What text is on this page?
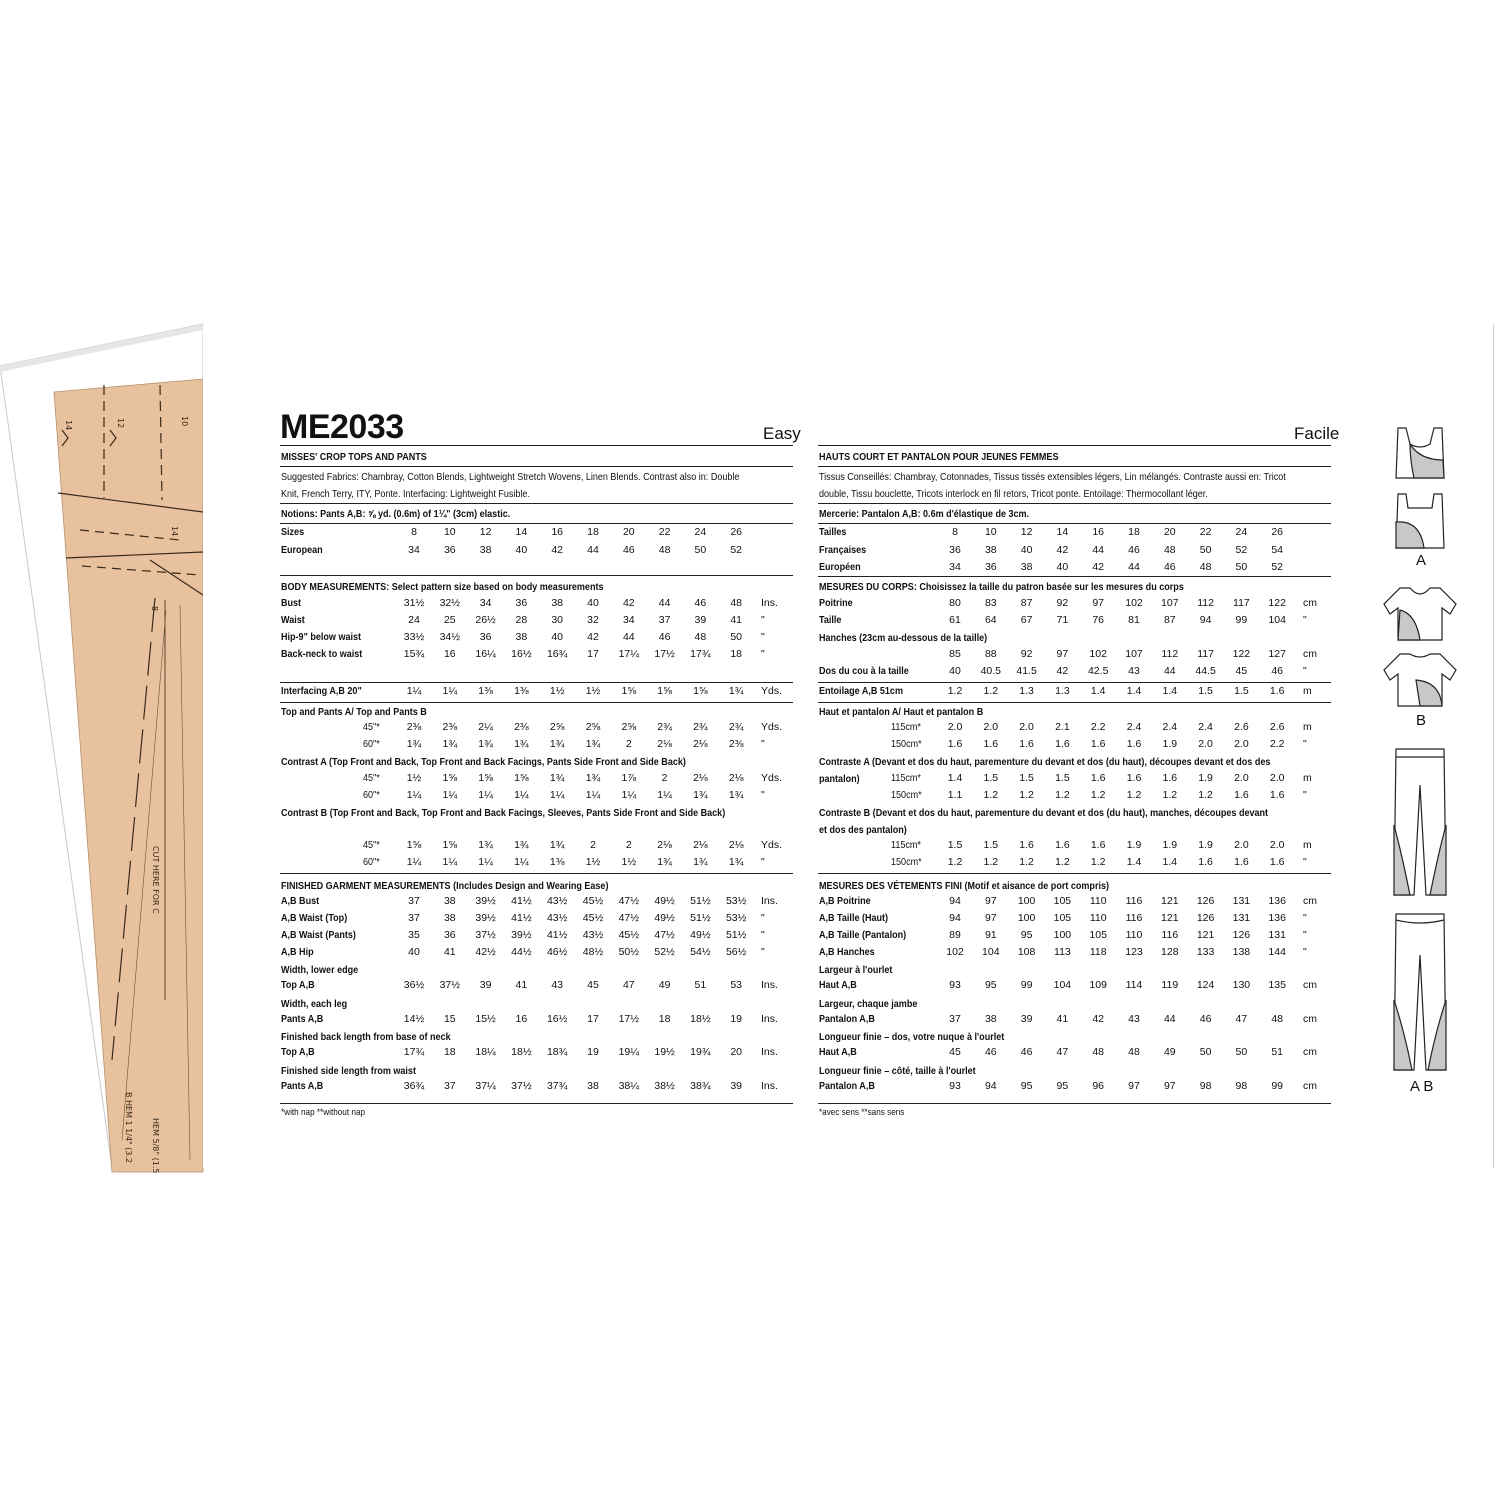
14	12	10
14
8
CUT HERE FOR C
HEM 5/8" (1.5
B HEM 1 1/4" (3.2
ME2033	Easy
MISSES' CROP TOPS AND PANTS
Suggested Fabrics: Chambray, Cotton Blends, Lightweight Stretch Wovens, Linen Blends. Contrast also in: Double
Knit, French Terry, ITY, Ponte. Interfacing: Lightweight Fusible.
Notions: Pants A,B: ⅝ yd. (0.6m) of 1¼" (3cm) elastic.
BODY MEASUREMENTS: Select pattern size based on body measurements
Top and Pants A/ Top and Pants B
Contrast A (Top Front and Back, Top Front and Back Facings, Pants Side Front and Side Back)
Contrast B (Top Front and Back, Top Front and Back Facings, Sleeves, Pants Side Front and Side Back)
FINISHED GARMENT MEASUREMENTS (Includes Design and Wearing Ease)
Width, lower edge
Width, each leg
Finished back length from base of neck
Finished side length from waist
*with nap **without nap
Sizes	8	10	12	14	16	18	20	22	24	26
European	34	36	38	40	42	44	46	48	50	52
Bust	31½	32½	34	36	38	40	42	44	46	48	Ins.
Waist	24	25	26½	28	30	32	34	37	39	41	"
Hip-9" below waist	33½	34½	36	38	40	42	44	46	48	50	"
Back-neck to waist	15¾	16	16¼	16½	16¾	17	17¼	17½	17¾	18	"
Interfacing A,B 20"	1¼	1¼	1⅜	1⅜	1½	1½	1⅝	1⅝	1⅝	1¾	Yds.
45"*	2⅜	2⅜	2¼	2⅜	2⅝	2⅝	2⅝	2¾	2¾	2¾	Yds.
60"*	1¾	1¾	1¾	1¾	1¾	1¾	2	2⅛	2⅛	2⅜	"
45"*	1½	1⅝	1⅝	1⅝	1¾	1¾	1⅞	2	2⅛	2⅛	Yds.
60"*	1¼	1¼	1¼	1¼	1¼	1¼	1¼	1¼	1¾	1¾	"
45"*	1⅝	1⅝	1¾	1¾	1¾	2	2	2⅛	2⅛	2⅛	Yds.
60"*	1¼	1¼	1¼	1¼	1⅜	1½	1½	1¾	1¾	1¾	"
A,B Bust	37	38	39½	41½	43½	45½	47½	49½	51½	53½	Ins.
A,B Waist (Top)	37	38	39½	41½	43½	45½	47½	49½	51½	53½	"
A,B Waist (Pants)	35	36	37½	39½	41½	43½	45½	47½	49½	51½	"
A,B Hip	40	41	42½	44½	46½	48½	50½	52½	54½	56½	"
Top A,B	36½	37½	39	41	43	45	47	49	51	53	Ins.
Pants A,B	14½	15	15½	16	16½	17	17½	18	18½	19	Ins.
Top A,B	17¾	18	18¼	18½	18¾	19	19¼	19½	19¾	20	Ins.
Pants A,B	36¾	37	37¼	37½	37¾	38	38¼	38½	38¾	39	Ins.
Facile
HAUTS COURT ET PANTALON POUR JEUNES FEMMES
Tissus Conseillés: Chambray, Cotonnades, Tissus tissés extensibles légers, Lin mélangés. Contraste aussi en: Tricot
double, Tissu bouclette, Tricots interlock en fil retors, Tricot ponte. Entoilage: Thermocollant léger.
Mercerie: Pantalon A,B: 0.6m d'élastique de 3cm.
MESURES DU CORPS: Choisissez la taille du patron basée sur les mesures du corps
Hanches (23cm au-dessous de la taille)
Haut et pantalon A/ Haut et pantalon B
Contraste A (Devant et dos du haut, parementure du devant et dos (du haut), découpes devant et dos des
pantalon)
Contraste B (Devant et dos du haut, parementure du devant et dos (du haut), manches, découpes devant
et dos des pantalon)
MESURES DES VÉTEMENTS FINI (Motif et aisance de port compris)
Largeur à l'ourlet
Largeur, chaque jambe
Longueur finie – dos, votre nuque à l'ourlet
Longueur finie – côté, taille à l'ourlet
*avec sens **sans sens
Tailles	8	10	12	14	16	18	20	22	24	26
Françaises	36	38	40	42	44	46	48	50	52	54
Européen	34	36	38	40	42	44	46	48	50	52
Poitrine	80	83	87	92	97	102	107	112	117	122	cm
Taille	61	64	67	71	76	81	87	94	99	104	"
85	88	92	97	102	107	112	117	122	127	cm
Dos du cou à la taille	40	40.5	41.5	42	42.5	43	44	44.5	45	46	"
Entoilage A,B 51cm	1.2	1.2	1.3	1.3	1.4	1.4	1.4	1.5	1.5	1.6	m
115cm*	2.0	2.0	2.0	2.1	2.2	2.4	2.4	2.4	2.6	2.6	m
150cm*	1.6	1.6	1.6	1.6	1.6	1.6	1.9	2.0	2.0	2.2	"
115cm*	1.4	1.5	1.5	1.5	1.6	1.6	1.6	1.9	2.0	2.0	m
150cm*	1.1	1.2	1.2	1.2	1.2	1.2	1.2	1.2	1.6	1.6	"
115cm*	1.5	1.5	1.6	1.6	1.6	1.9	1.9	1.9	2.0	2.0	m
150cm*	1.2	1.2	1.2	1.2	1.2	1.4	1.4	1.6	1.6	1.6	"
A,B Poitrine	94	97	100	105	110	116	121	126	131	136	cm
A,B Taille (Haut)	94	97	100	105	110	116	121	126	131	136	"
A,B Taille (Pantalon)	89	91	95	100	105	110	116	121	126	131	"
A,B Hanches	102	104	108	113	118	123	128	133	138	144	"
Haut A,B	93	95	99	104	109	114	119	124	130	135	cm
Pantalon A,B	37	38	39	41	42	43	44	46	47	48	cm
Haut A,B	45	46	46	47	48	48	49	50	50	51	cm
Pantalon A,B	93	94	95	95	96	97	97	98	98	99	cm
A
B
A B
